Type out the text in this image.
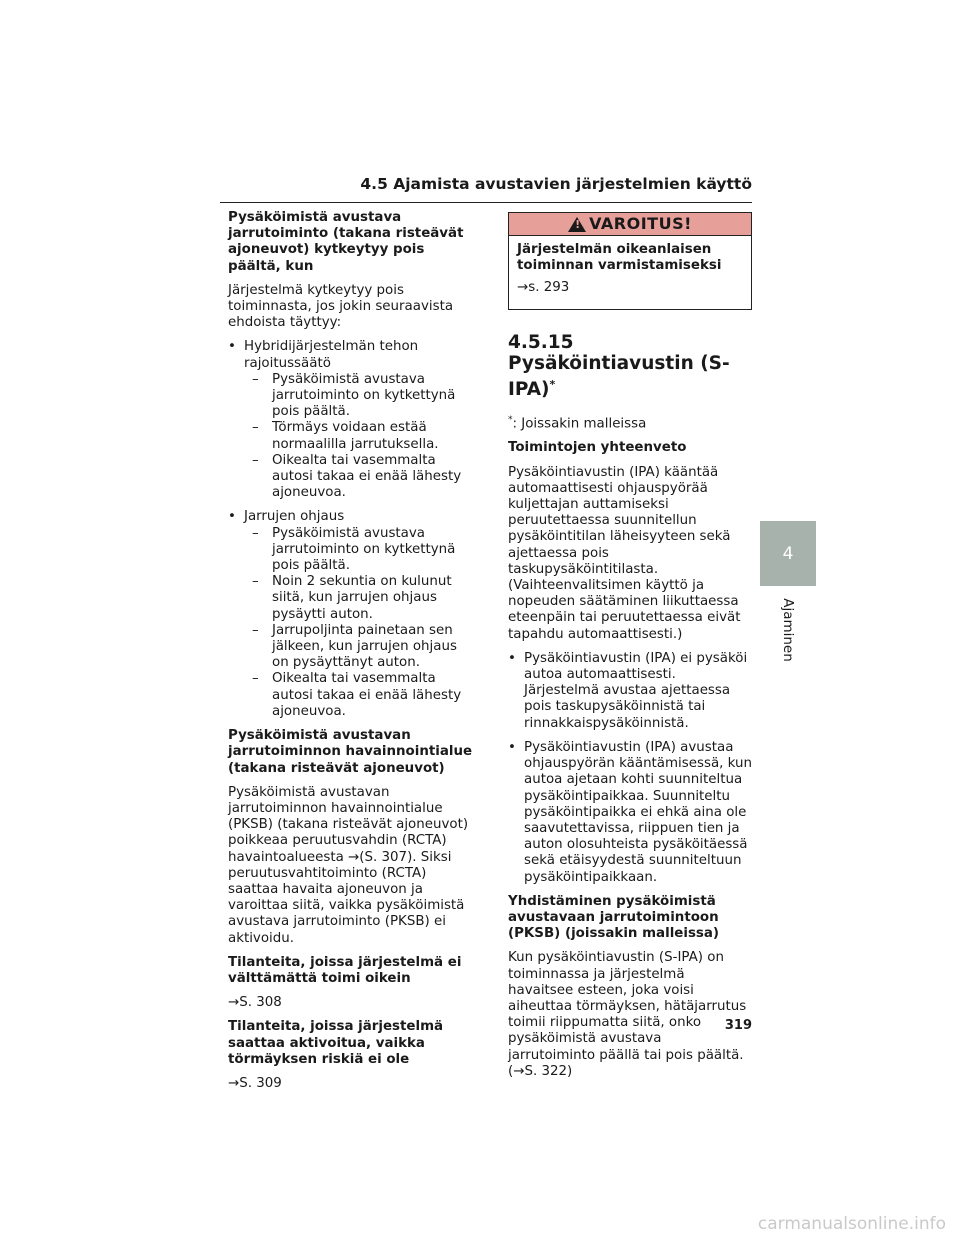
4.5 Ajamista avustavien järjestelmien käyttö

Pysäköimistä avustava jarrutoiminto (takana risteävät ajoneuvot) kytkeytyy pois päältä, kun

Järjestelmä kytkeytyy pois toiminnasta, jos jokin seuraavista ehdoista täyttyy:

• Hybridijärjestelmän tehon rajoitussäätö
– Pysäköimistä avustava jarrutoiminto on kytkettynä pois päältä.
– Törmäys voidaan estää normaalilla jarrutuksella.
– Oikealta tai vasemmalta autosi takaa ei enää lähesty ajoneuvoa.
• Jarrujen ohjaus
– Pysäköimistä avustava jarrutoiminto on kytkettynä pois päältä.
– Noin 2 sekuntia on kulunut siitä, kun jarrujen ohjaus pysäytti auton.
– Jarrupoljinta painetaan sen jälkeen, kun jarrujen ohjaus on pysäyttänyt auton.
– Oikealta tai vasemmalta autosi takaa ei enää lähesty ajoneuvoa.

Pysäköimistä avustavan jarrutoiminnon havainnointialue (takana risteävät ajoneuvot)

Pysäköimistä avustavan jarrutoiminnon havainnointialue (PKSB) (takana risteävät ajoneuvot) poikkeaa peruutusvahdin (RCTA) havaintoalueesta →(S. 307). Siksi peruutusvahtitoiminto (RCTA) saattaa havaita ajoneuvon ja varoittaa siitä, vaikka pysäköimistä avustava jarrutoiminto (PKSB) ei aktivoidu.

Tilanteita, joissa järjestelmä ei välttämättä toimi oikein

→S. 308

Tilanteita, joissa järjestelmä saattaa aktivoitua, vaikka törmäyksen riskiä ei ole

→S. 309

!
VAROITUS!

Järjestelmän oikeanlaisen toiminnan varmistamiseksi

→s. 293

4.5.15 Pysäköintiavustin (S-IPA)*

*: Joissakin malleissa

Toimintojen yhteenveto

Pysäköintiavustin (IPA) kääntää automaattisesti ohjauspyörää kuljettajan auttamiseksi peruutettaessa suunnitellun pysäköintitilan läheisyyteen sekä ajettaessa pois taskupysäköintitilasta. (Vaihteenvalitsimen käyttö ja nopeuden säätäminen liikuttaessa eteenpäin tai peruutettaessa eivät tapahdu automaattisesti.)

• Pysäköintiavustin (IPA) ei pysäköi autoa automaattisesti. Järjestelmä avustaa ajettaessa pois taskupysäköinnistä tai rinnakkaispysäköinnistä.
• Pysäköintiavustin (IPA) avustaa ohjauspyörän kääntämisessä, kun autoa ajetaan kohti suunniteltua pysäköintipaikkaa. Suunniteltu pysäköintipaikka ei ehkä aina ole saavutettavissa, riippuen tien ja auton olosuhteista pysäköitäessä sekä etäisyydestä suunniteltuun pysäköintipaikkaan.

Yhdistäminen pysäköimistä avustavaan jarrutoimintoon (PKSB) (joissakin malleissa)

Kun pysäköintiavustin (S-IPA) on toiminnassa ja järjestelmä havaitsee esteen, joka voisi aiheuttaa törmäyksen, hätäjarrutus toimii riippumatta siitä, onko pysäköimistä avustava jarrutoiminto päällä tai pois päältä. (→S. 322)

4
Ajaminen
319
carmanualsonline.info
